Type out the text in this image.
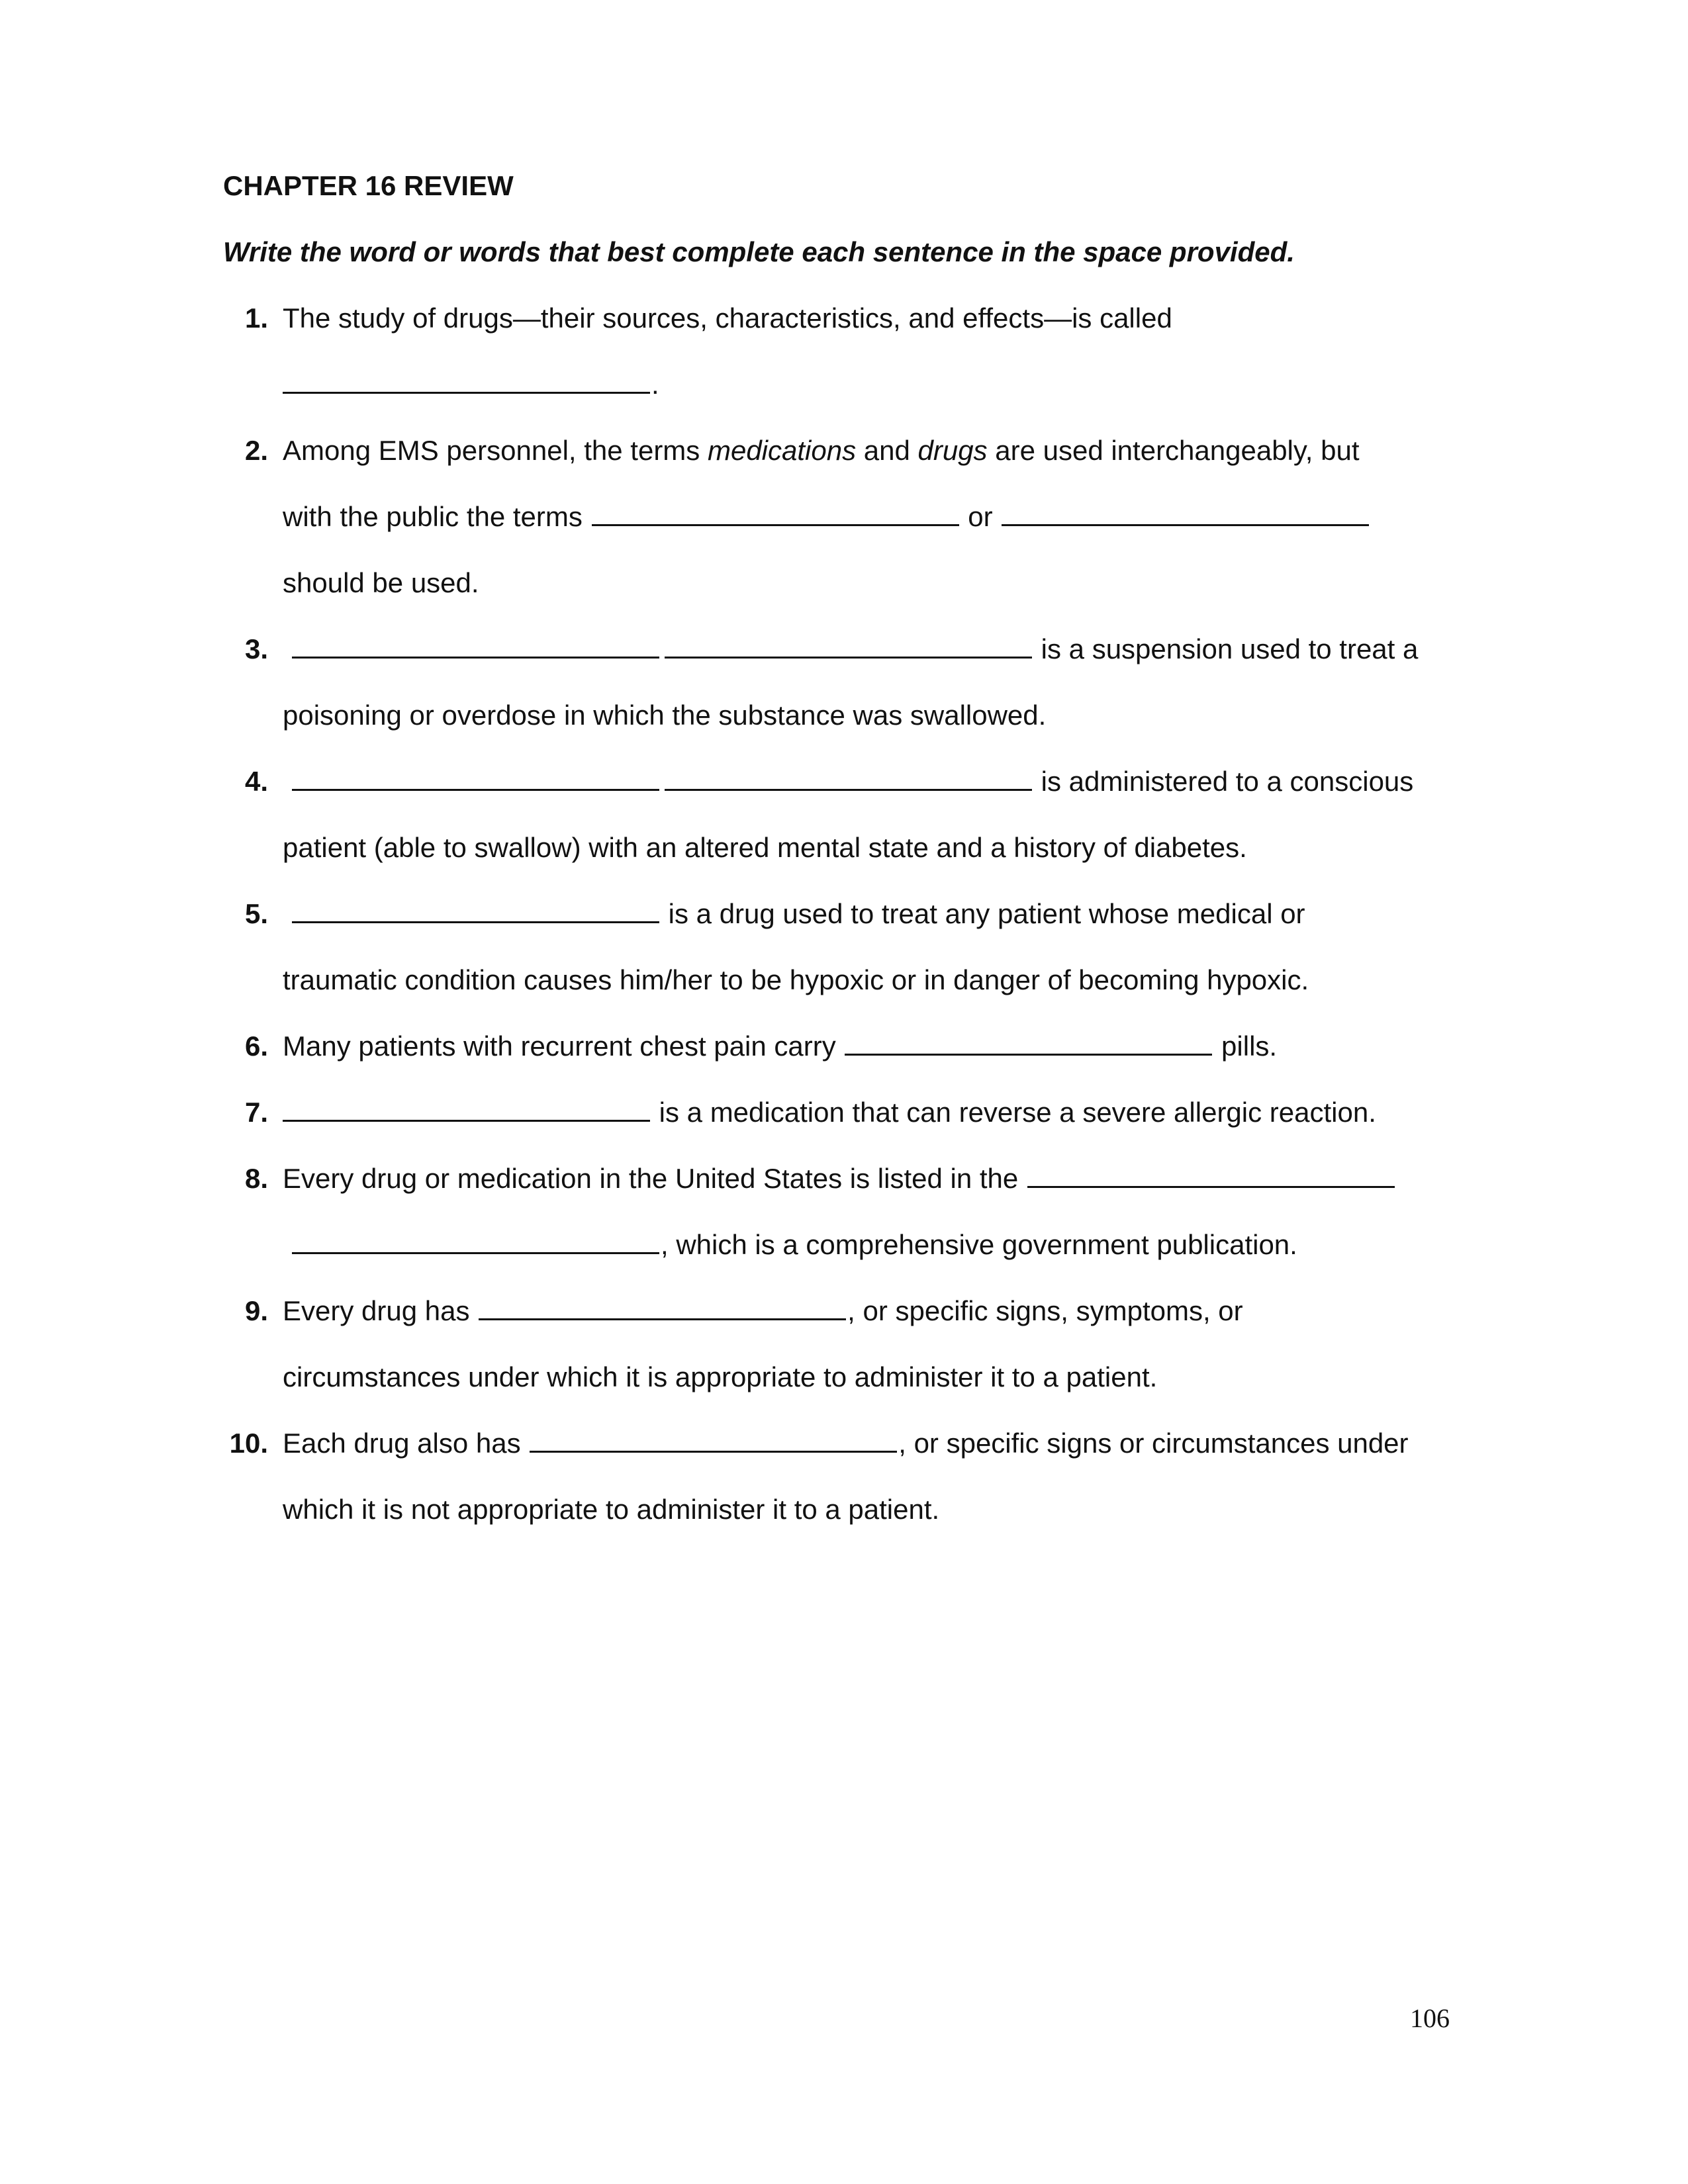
CHAPTER 16 REVIEW

Write the word or words that best complete each sentence in the space provided.

1. The study of drugs—their sources, characteristics, and effects—is called

.

2. Among EMS personnel, the terms medications and drugs are used interchangeably, but

with the public the terms	or

should be used.

3.	is a suspension used to treat a

poisoning or overdose in which the substance was swallowed.

4.	is administered to a conscious

patient (able to swallow) with an altered mental state and a history of diabetes.

5.	is a drug used to treat any patient whose medical or

traumatic condition causes him/her to be hypoxic or in danger of becoming hypoxic.

6. Many patients with recurrent chest pain carry	pills.

7.	is a medication that can reverse a severe allergic reaction.

8. Every drug or medication in the United States is listed in the

, which is a comprehensive government publication.

9. Every drug has	, or specific signs, symptoms, or

circumstances under which it is appropriate to administer it to a patient.

10. Each drug also has	, or specific signs or circumstances under

which it is not appropriate to administer it to a patient.

106
